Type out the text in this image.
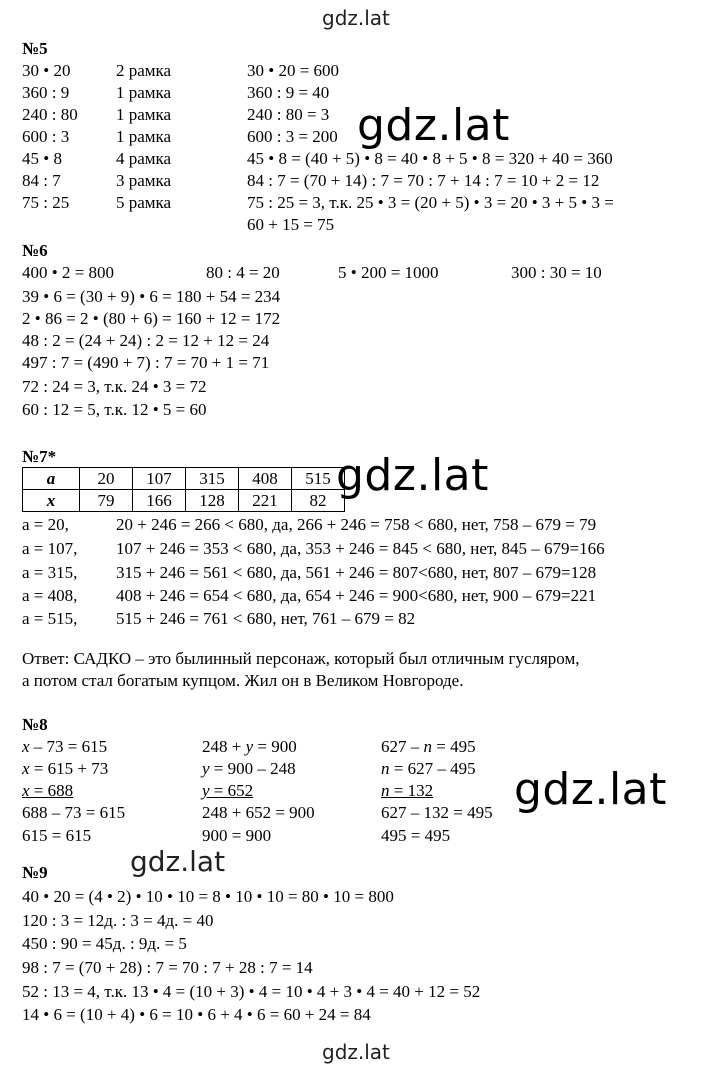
gdz.lat
gdz.lat
№5
30 • 20	2 рамка	30 • 20 = 600
360 : 9	1 рамка	360 : 9 = 40
240 : 80 1 рамка	240 : 80 = 3
600 : 3	1 рамка	600 : 3 = 200
45 • 8	4 рамка	45 • 8 = (40 + 5) • 8 = 40 • 8 + 5 • 8 = 320 + 40 = 360
84 : 7	3 рамка	84 : 7 = (70 + 14) : 7 = 70 : 7 + 14 : 7 = 10 + 2 = 12
75 : 25	5 рамка	75 : 25 = 3, т.к. 25 • 3 = (20 + 5) • 3 = 20 • 3 + 5 • 3 =
60 + 15 = 75
gdz.lat
№6
400 • 2 = 800	80 : 4 = 20	5 • 200 = 1000	300 : 30 = 10
39 • 6 = (30 + 9) • 6 = 180 + 54 = 234
2 • 86 = 2 • (80 + 6) = 160 + 12 = 172
48 : 2 = (24 + 24) : 2 = 12 + 12 = 24
497 : 7 = (490 + 7) : 7 = 70 + 1 = 71
72 : 24 = 3, т.к. 24 • 3 = 72
60 : 12 = 5, т.к. 12 • 5 = 60
№7*
a	20	107	315	408	515
x	79	166	128	221	82 gdz.lat
a = 20,	20 + 246 = 266 < 680, да, 266 + 246 = 758 < 680, нет, 758 – 679 = 79
a = 107, 107 + 246 = 353 < 680, да, 353 + 246 = 845 < 680, нет, 845 – 679=166
a = 315, 315 + 246 = 561 < 680, да, 561 + 246 = 807<680, нет, 807 – 679=128
a = 408, 408 + 246 = 654 < 680, да, 654 + 246 = 900<680, нет, 900 – 679=221
a = 515, 515 + 246 = 761 < 680, нет, 761 – 679 = 82
Ответ: САДКО – это былинный персонаж, который был отличным гусляром,
а потом стал богатым купцом. Жил он в Великом Новгороде.
№8
x – 73 = 615
x = 615 + 73
x = 688
688 – 73 = 615
615 = 615
248 + y = 900
y = 900 – 248
y = 652
248 + 652 = 900
900 = 900
627 – n = 495
n = 627 – 495
n = 132
627 – 132 = 495
495 = 495
gdz.lat
gdz.lat
№9
40 • 20 = (4 • 2) • 10 • 10 = 8 • 10 • 10 = 80 • 10 = 800
120 : 3 = 12д. : 3 = 4д. = 40
450 : 90 = 45д. : 9д. = 5
98 : 7 = (70 + 28) : 7 = 70 : 7 + 28 : 7 = 14
52 : 13 = 4, т.к. 13 • 4 = (10 + 3) • 4 = 10 • 4 + 3 • 4 = 40 + 12 = 52
14 • 6 = (10 + 4) • 6 = 10 • 6 + 4 • 6 = 60 + 24 = 84
